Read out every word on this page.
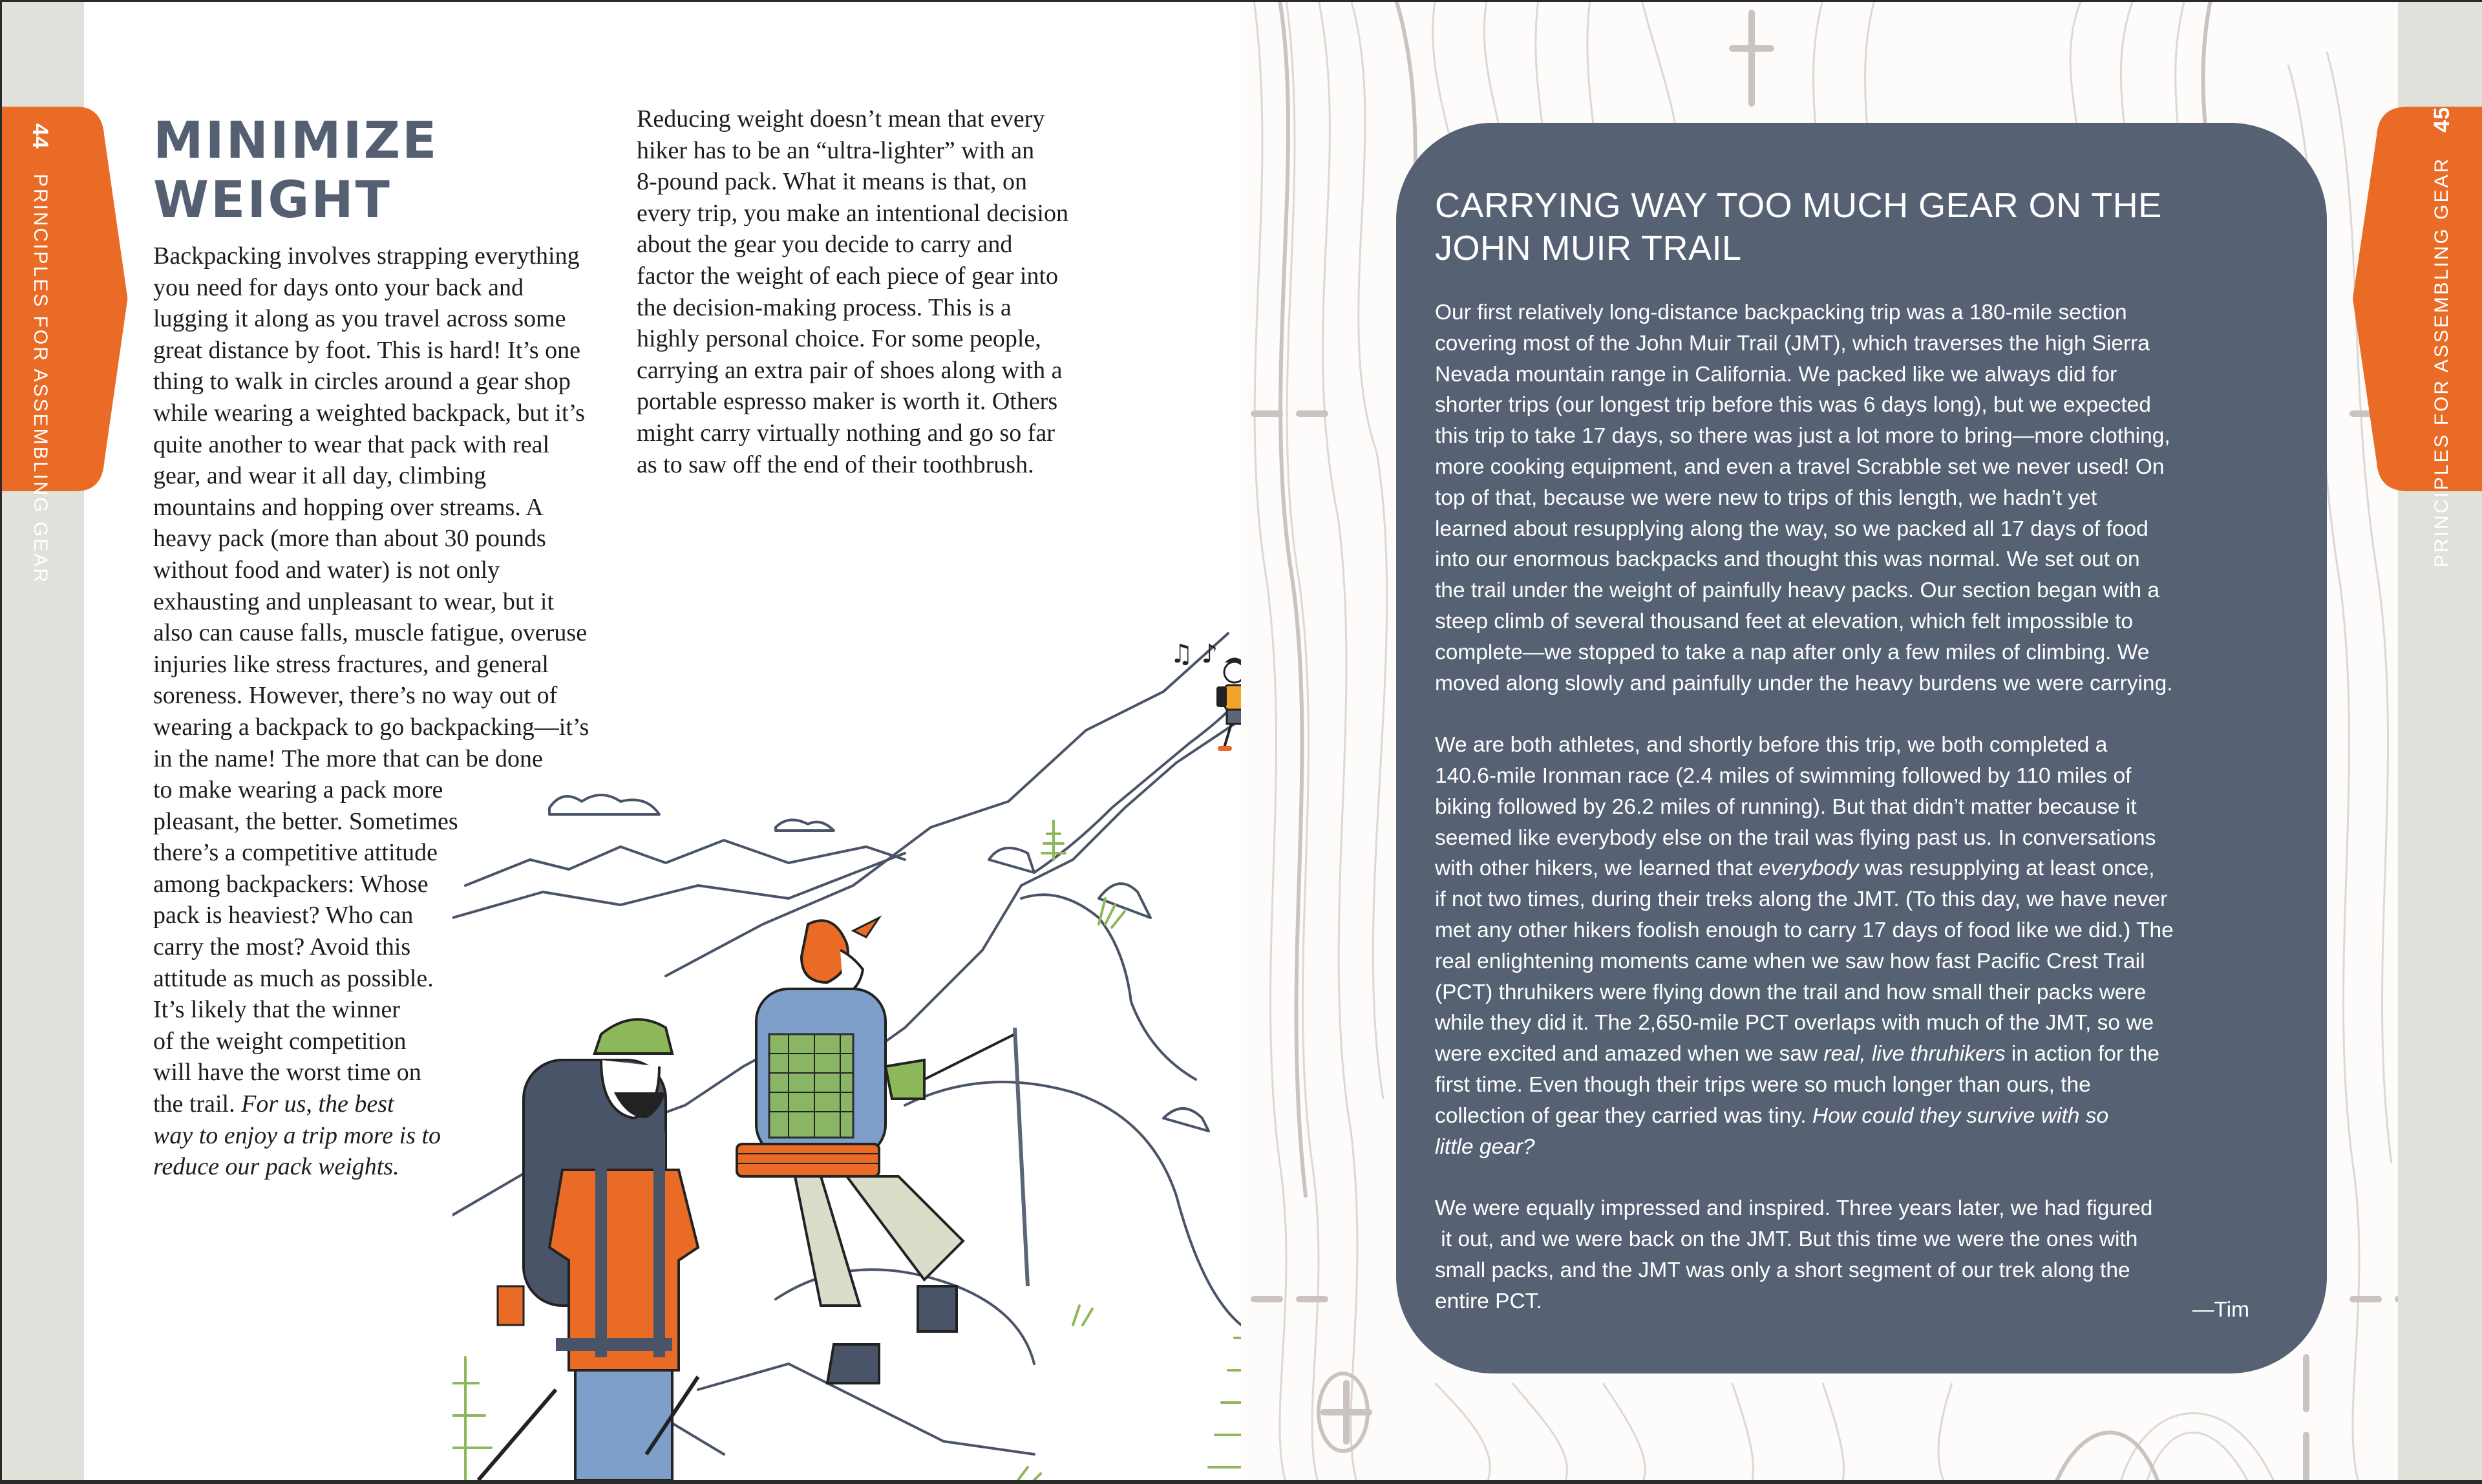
44
PRINCIPLES FOR ASSEMBLING GEAR
MINIMIZE
WEIGHT
Backpacking involves strapping everything
you need for days onto your back and
lugging it along as you travel across some
great distance by foot. This is hard! It’s one
thing to walk in circles around a gear shop
while wearing a weighted backpack, but it’s
quite another to wear that pack with real
gear, and wear it all day, climbing
mountains and hopping over streams. A
heavy pack (more than about 30 pounds
without food and water) is not only
exhausting and unpleasant to wear, but it
also can cause falls, muscle fatigue, overuse
injuries like stress fractures, and general
soreness. However, there’s no way out of
wearing a backpack to go backpacking—it’s
in the name! The more that can be done
to make wearing a pack more
pleasant, the better. Sometimes
there’s a competitive attitude
among backpackers: Whose
pack is heaviest? Who can
carry the most? Avoid this
attitude as much as possible.
It’s likely that the winner
of the weight competition
will have the worst time on
the trail. For us, the best
way to enjoy a trip more is to
reduce our pack weights.
Reducing weight doesn’t mean that every
hiker has to be an “ultra-lighter” with an
8-pound pack. What it means is that, on
every trip, you make an intentional decision
about the gear you decide to carry and
factor the weight of each piece of gear into
the decision-making process. This is a
highly personal choice. For some people,
carrying an extra pair of shoes along with a
portable espresso maker is worth it. Others
might carry virtually nothing and go so far
as to saw off the end of their toothbrush.
♫ ♪
PRINCIPLES FOR ASSEMBLING GEAR
45
CARRYING WAY TOO MUCH GEAR ON THE
JOHN MUIR TRAIL

Our first relatively long-distance backpacking trip was a 180-mile section
covering most of the John Muir Trail (JMT), which traverses the high Sierra
Nevada mountain range in California. We packed like we always did for
shorter trips (our longest trip before this was 6 days long), but we expected
this trip to take 17 days, so there was just a lot more to bring—more clothing,
more cooking equipment, and even a travel Scrabble set we never used! On
top of that, because we were new to trips of this length, we hadn’t yet
learned about resupplying along the way, so we packed all 17 days of food
into our enormous backpacks and thought this was normal. We set out on
the trail under the weight of painfully heavy packs. Our section began with a
steep climb of several thousand feet at elevation, which felt impossible to
complete—we stopped to take a nap after only a few miles of climbing. We
moved along slowly and painfully under the heavy burdens we were carrying.

We are both athletes, and shortly before this trip, we both completed a
140.6-mile Ironman race (2.4 miles of swimming followed by 110 miles of
biking followed by 26.2 miles of running). But that didn’t matter because it
seemed like everybody else on the trail was flying past us. In conversations
with other hikers, we learned that everybody was resupplying at least once,
if not two times, during their treks along the JMT. (To this day, we have never
met any other hikers foolish enough to carry 17 days of food like we did.) The
real enlightening moments came when we saw how fast Pacific Crest Trail
(PCT) thruhikers were flying down the trail and how small their packs were
while they did it. The 2,650-mile PCT overlaps with much of the JMT, so we
were excited and amazed when we saw real, live thruhikers in action for the
first time. Even though their trips were so much longer than ours, the
collection of gear they carried was tiny. How could they survive with so
little gear?

We were equally impressed and inspired. Three years later, we had figured
it out, and we were back on the JMT. But this time we were the ones with
small packs, and the JMT was only a short segment of our trek along the
entire PCT.	—Tim
